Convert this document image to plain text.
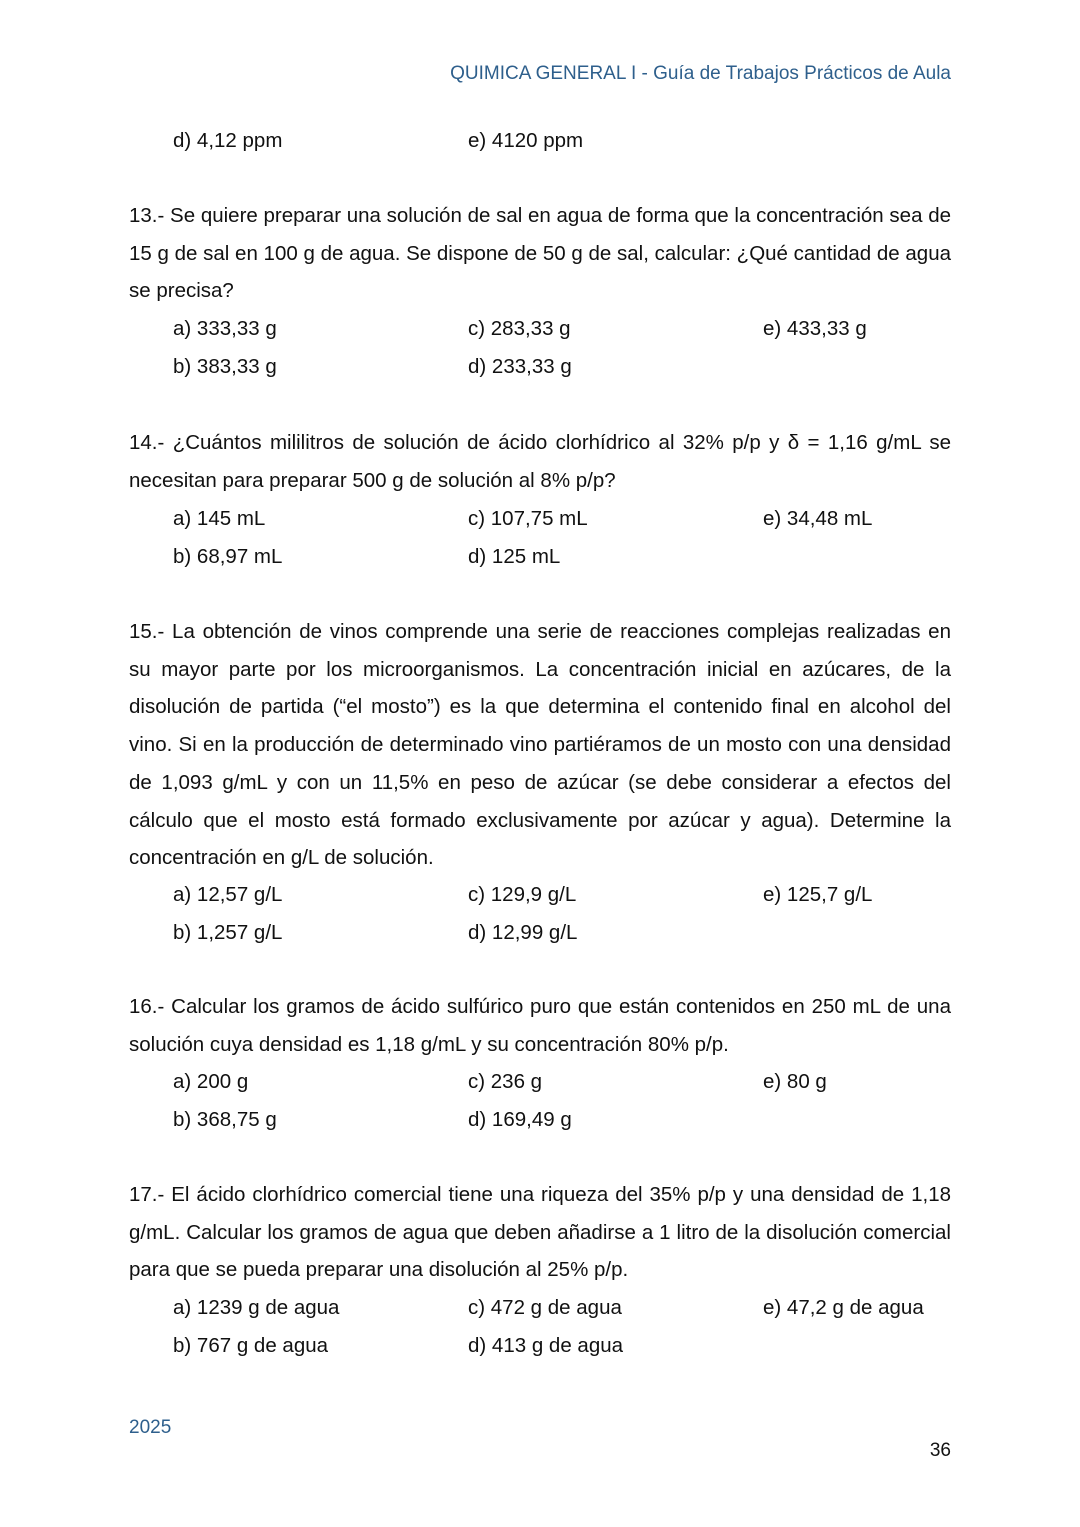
QUIMICA GENERAL I - Guía de Trabajos Prácticos de Aula
d) 4,12 ppm	e) 4120 ppm

13.- Se quiere preparar una solución de sal en agua de forma que la concentración sea de 15 g de sal en 100 g de agua. Se dispone de 50 g de sal, calcular: ¿Qué cantidad de agua se precisa?

a) 333,33 g	c) 283,33 g	e) 433,33 g
b) 383,33 g	d) 233,33 g

14.- ¿Cuántos mililitros de solución de ácido clorhídrico al 32% p/p y δ = 1,16 g/mL se necesitan para preparar 500 g de solución al 8% p/p?

a) 145 mL	c) 107,75 mL	e) 34,48 mL
b) 68,97 mL	d) 125 mL

15.- La obtención de vinos comprende una serie de reacciones complejas realizadas en su mayor parte por los microorganismos. La concentración inicial en azúcares, de la disolución de partida (“el mosto”) es la que determina el contenido final en alcohol del vino. Si en la producción de determinado vino partiéramos de un mosto con una densidad de 1,093 g/mL y con un 11,5% en peso de azúcar (se debe considerar a efectos del cálculo que el mosto está formado exclusivamente por azúcar y agua). Determine la concentración en g/L de solución.

a) 12,57 g/L	c) 129,9 g/L	e) 125,7 g/L
b) 1,257 g/L	d) 12,99 g/L

16.- Calcular los gramos de ácido sulfúrico puro que están contenidos en 250 mL de una solución cuya densidad es 1,18 g/mL y su concentración 80% p/p.

a) 200 g	c) 236 g	e) 80 g
b) 368,75 g	d) 169,49 g

17.- El ácido clorhídrico comercial tiene una riqueza del 35% p/p y una densidad de 1,18 g/mL. Calcular los gramos de agua que deben añadirse a 1 litro de la disolución comercial para que se pueda preparar una disolución al 25% p/p.

a) 1239 g de agua	c) 472 g de agua	e) 47,2 g de agua
b) 767 g de agua	d) 413 g de agua
2025
36
